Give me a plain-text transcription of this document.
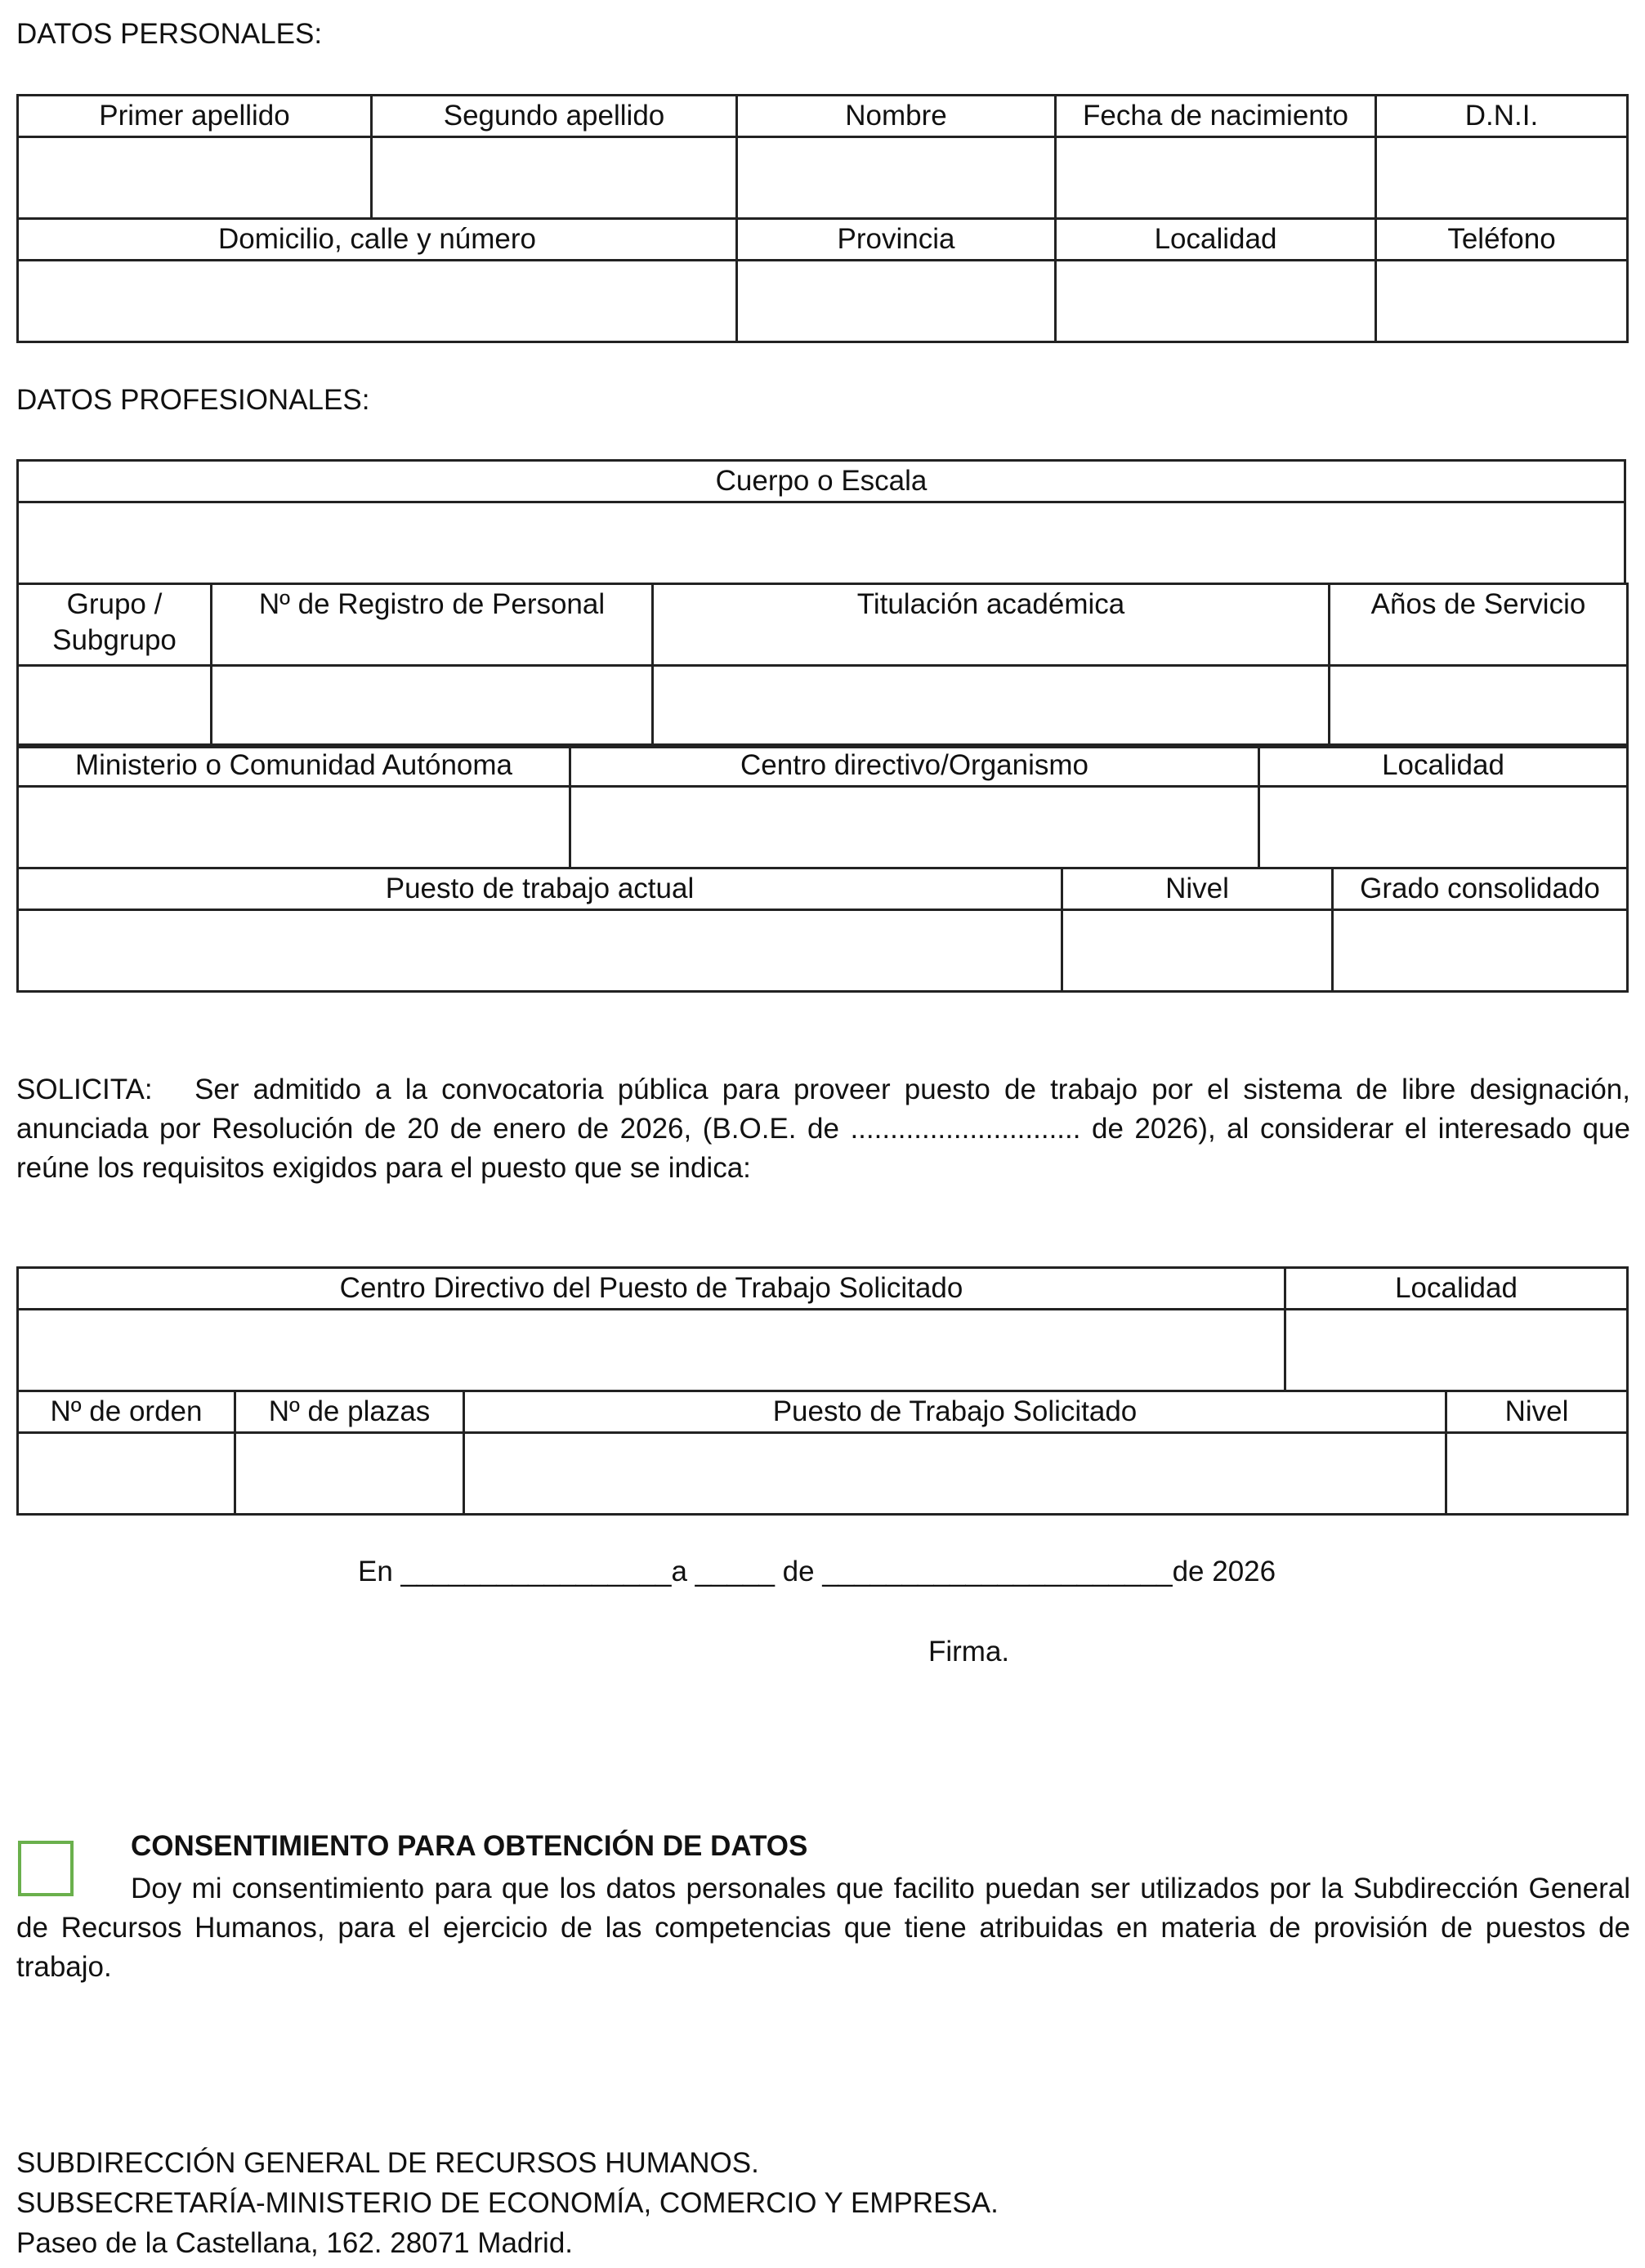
DATOS PERSONALES:
Primer apellido	Segundo apellido	Nombre	Fecha de nacimiento	D.N.I.

Domicilio, calle y número		Provincia	Localidad	Teléfono

DATOS PROFESIONALES:
Cuerpo o Escala

Grupo / Subgrupo	Nº de Registro de Personal	Titulación académica	Años de Servicio

Ministerio o Comunidad Autónoma	Centro directivo/Organismo	Localidad

Puesto de trabajo actual	Nivel	Grado consolidado

SOLICITA: Ser admitido a la convocatoria pública para proveer puesto de trabajo por el sistema de libre designación, anunciada por Resolución de 20 de enero de 2026, (B.O.E. de ............................. de 2026), al considerar el interesado que reúne los requisitos exigidos para el puesto que se indica:
Centro Directivo del Puesto de Trabajo Solicitado	Localidad

Nº de orden	Nº de plazas	Puesto de Trabajo Solicitado	Nivel

En _________________a _____ de ______________________de 2026
Firma.
CONSENTIMIENTO PARA OBTENCIÓN DE DATOS
Doy mi consentimiento para que los datos personales que facilito puedan ser utilizados por la Subdirección General de Recursos Humanos, para el ejercicio de las competencias que tiene atribuidas en materia de provisión de puestos de trabajo.
SUBDIRECCIÓN GENERAL DE RECURSOS HUMANOS.
SUBSECRETARÍA-MINISTERIO DE ECONOMÍA, COMERCIO Y EMPRESA.
Paseo de la Castellana, 162. 28071 Madrid.
